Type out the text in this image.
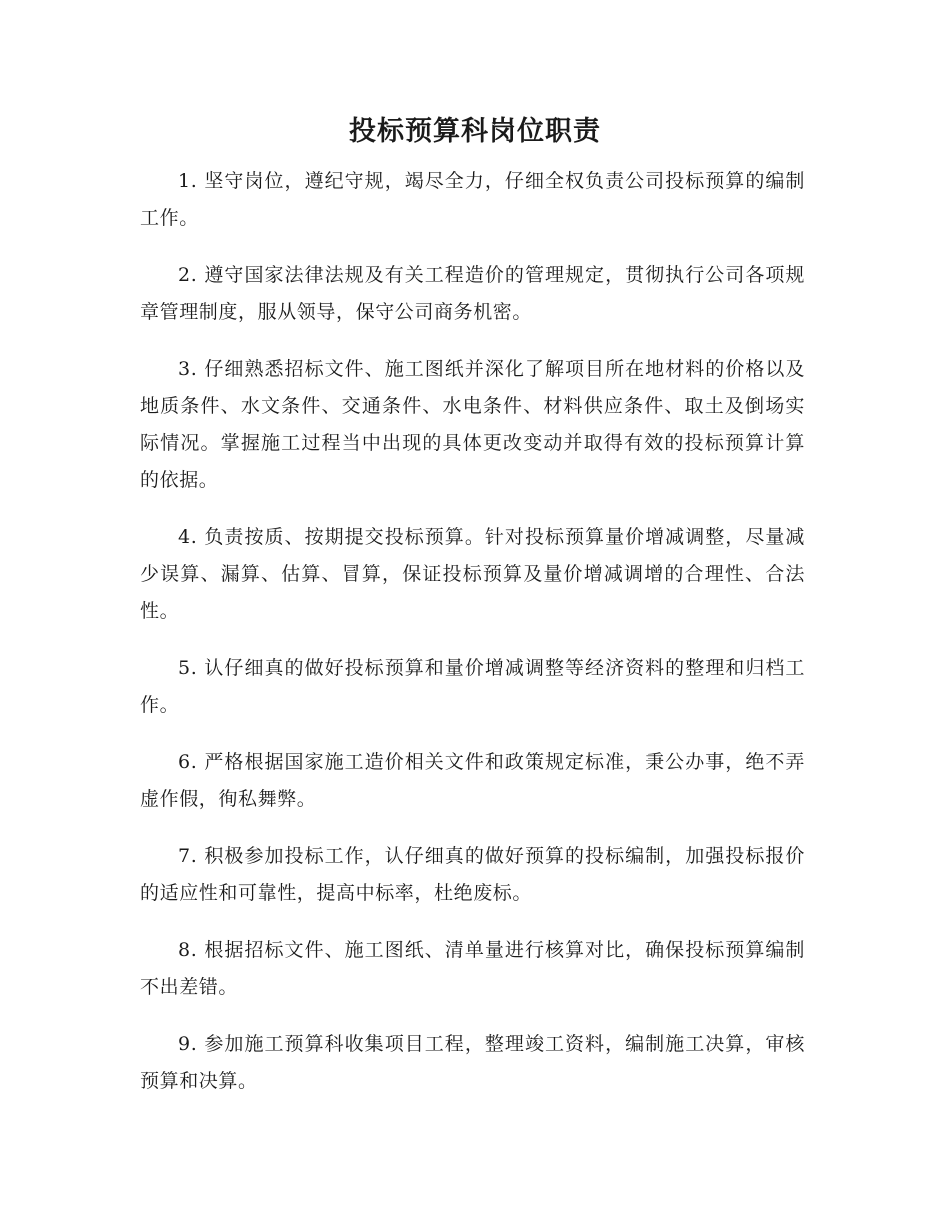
投标预算科岗位职责

1. 坚守岗位，遵纪守规，竭尽全力，仔细全权负责公司投标预算的编制工作。

2. 遵守国家法律法规及有关工程造价的管理规定，贯彻执行公司各项规章管理制度，服从领导，保守公司商务机密。

3. 仔细熟悉招标文件、施工图纸并深化了解项目所在地材料的价格以及地质条件、水文条件、交通条件、水电条件、材料供应条件、取土及倒场实际情况。掌握施工过程当中出现的具体更改变动并取得有效的投标预算计算的依据。

4. 负责按质、按期提交投标预算。针对投标预算量价增减调整，尽量减少误算、漏算、估算、冒算，保证投标预算及量价增减调增的合理性、合法性。

5. 认仔细真的做好投标预算和量价增减调整等经济资料的整理和归档工作。

6. 严格根据国家施工造价相关文件和政策规定标准，秉公办事，绝不弄虚作假，徇私舞弊。

7. 积极参加投标工作，认仔细真的做好预算的投标编制，加强投标报价的适应性和可靠性，提高中标率，杜绝废标。

8. 根据招标文件、施工图纸、清单量进行核算对比，确保投标预算编制不出差错。

9. 参加施工预算科收集项目工程，整理竣工资料，编制施工决算，审核预算和决算。
